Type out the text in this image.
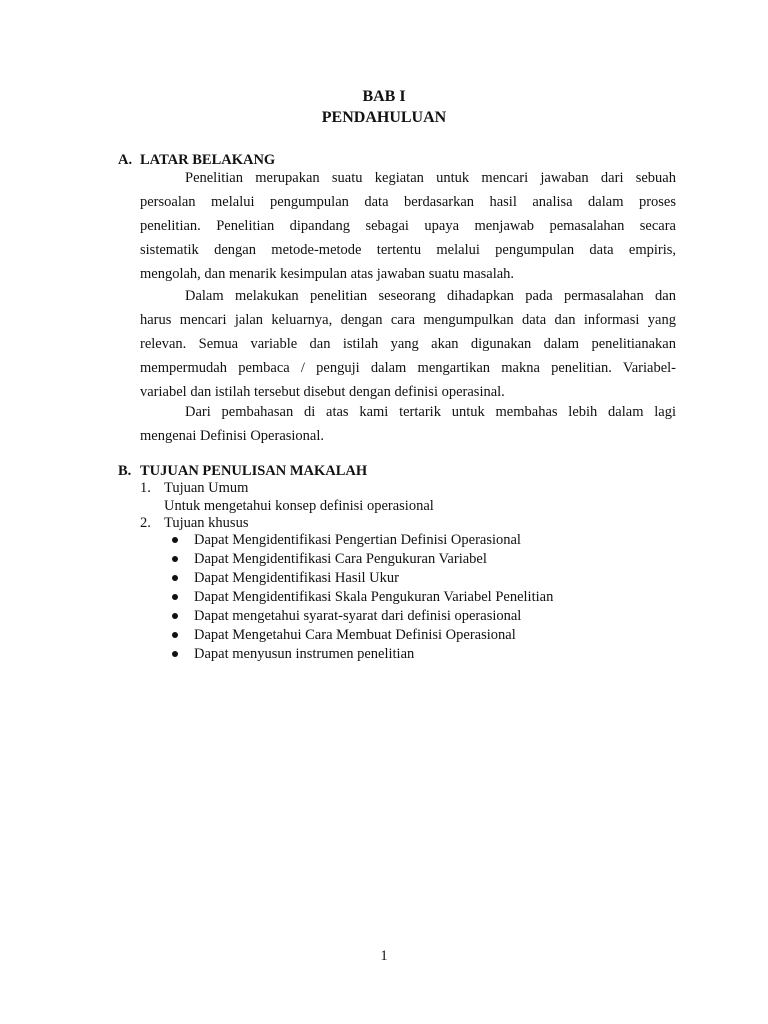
BAB I
PENDAHULUAN
A. LATAR BELAKANG
Penelitian merupakan suatu kegiatan untuk mencari jawaban dari sebuah
persoalan melalui pengumpulan data berdasarkan hasil analisa dalam proses
penelitian. Penelitian dipandang sebagai upaya menjawab pemasalahan secara
sistematik dengan metode-metode tertentu melalui pengumpulan data empiris,
mengolah, dan menarik kesimpulan atas jawaban suatu masalah.
Dalam melakukan penelitian seseorang dihadapkan pada permasalahan dan
harus mencari jalan keluarnya, dengan cara mengumpulkan data dan informasi yang
relevan. Semua variable dan istilah yang akan digunakan dalam penelitianakan
mempermudah pembaca / penguji dalam mengartikan makna penelitian. Variabel-
variabel dan istilah tersebut disebut dengan definisi operasinal.
Dari pembahasan di atas kami tertarik untuk membahas lebih dalam lagi
mengenai Definisi Operasional.
B. TUJUAN PENULISAN MAKALAH
1. Tujuan Umum
Untuk mengetahui konsep definisi operasional
2. Tujuan khusus
Dapat Mengidentifikasi Pengertian Definisi Operasional
Dapat Mengidentifikasi Cara Pengukuran Variabel
Dapat Mengidentifikasi Hasil Ukur
Dapat Mengidentifikasi Skala Pengukuran Variabel Penelitian
Dapat mengetahui syarat-syarat dari definisi operasional
Dapat Mengetahui Cara Membuat Definisi Operasional
Dapat menyusun instrumen penelitian
1
